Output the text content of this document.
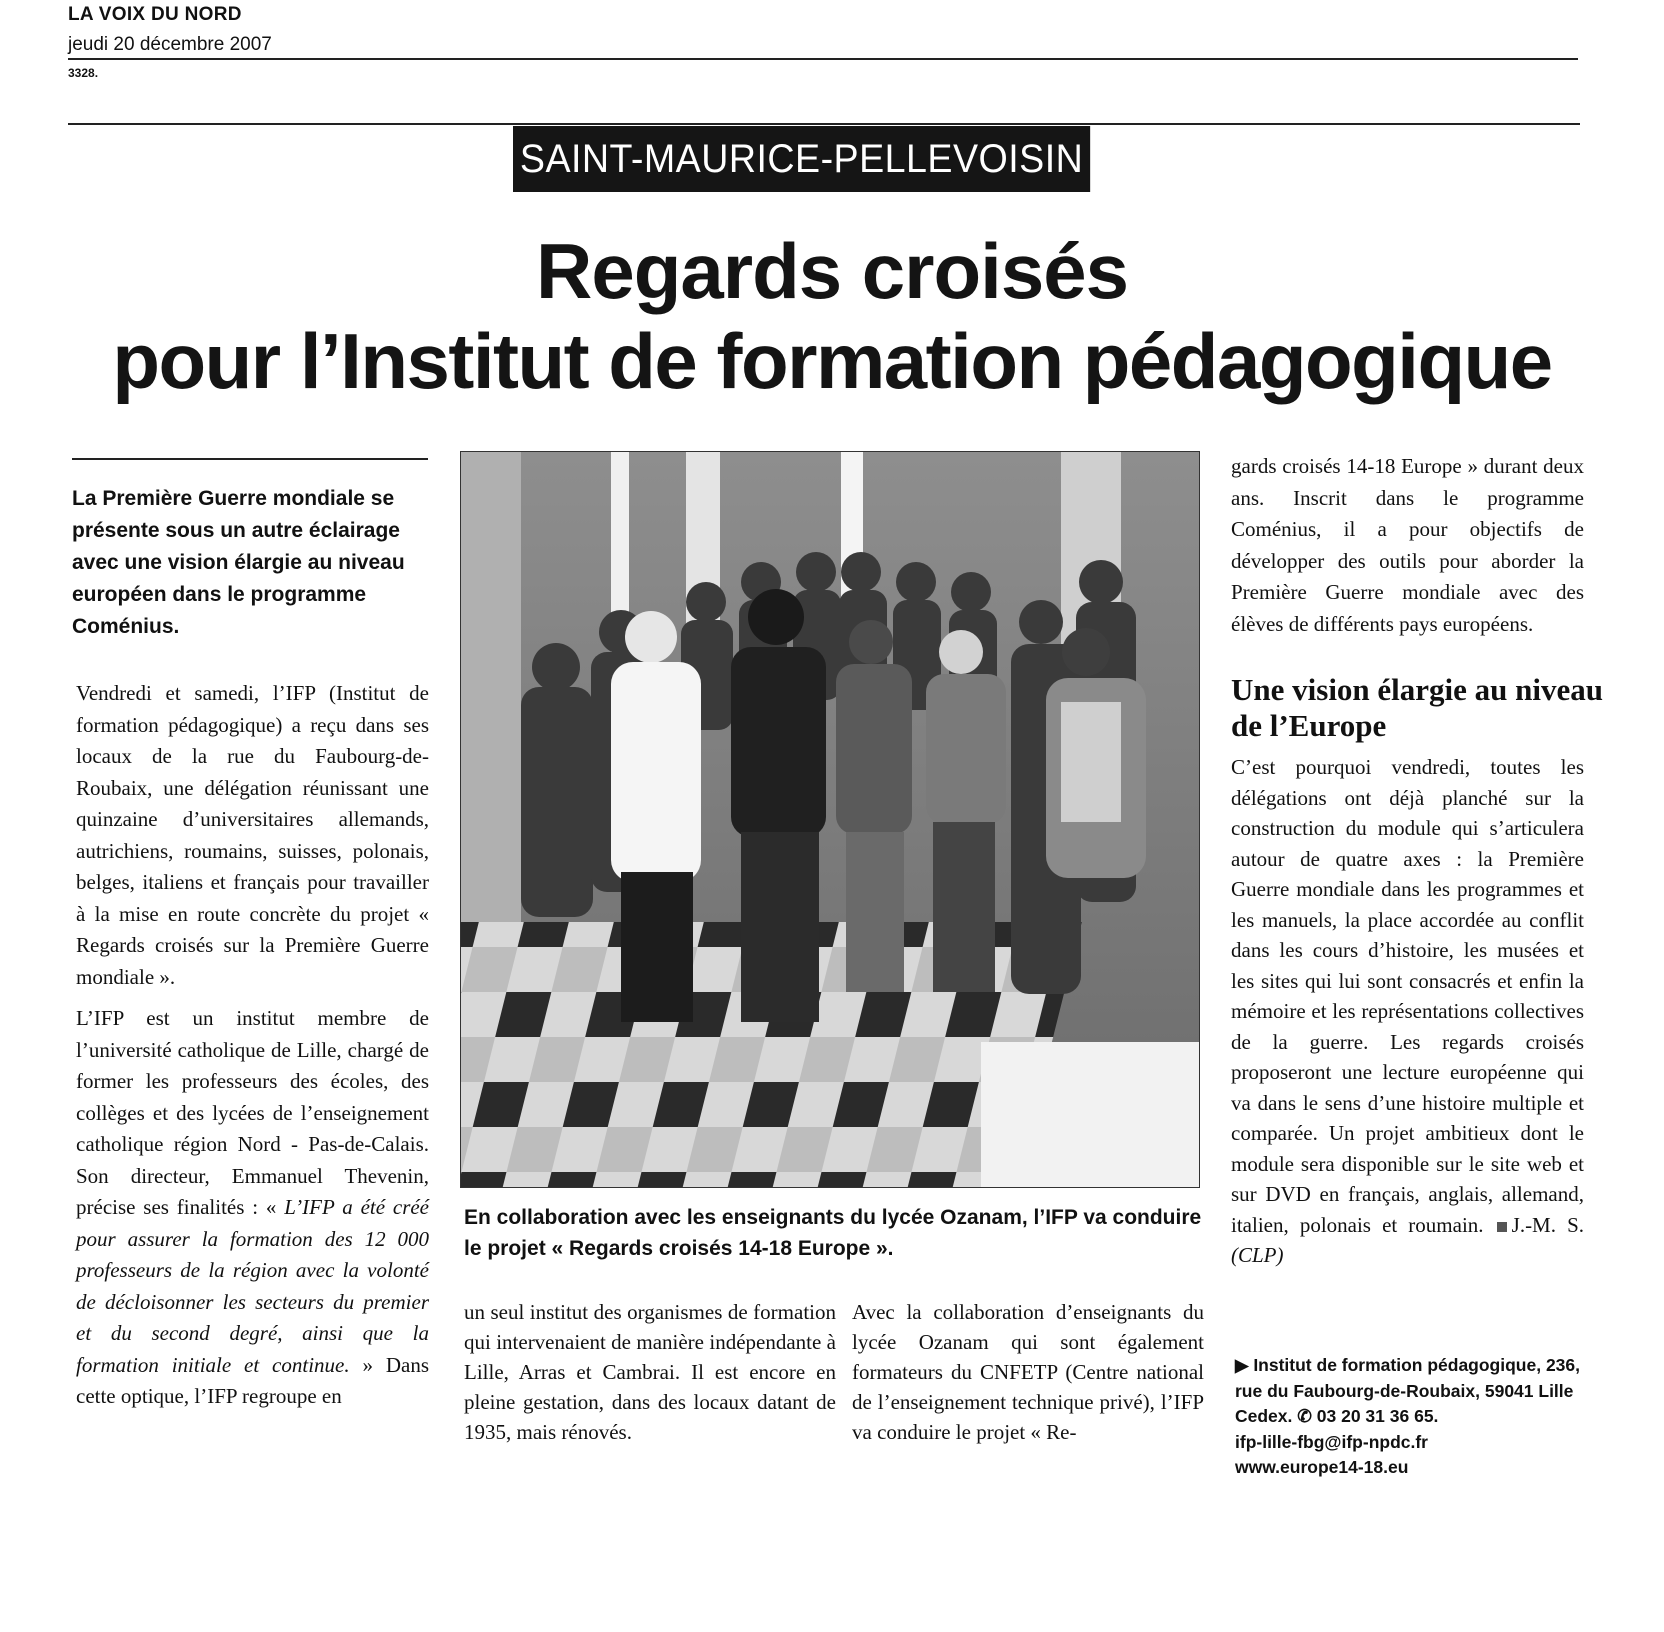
LA VOIX DU NORD
jeudi 20 décembre 2007
3328.
SAINT-MAURICE-PELLEVOISIN
Regards croisés
pour l’Institut de formation pédagogique
La Première Guerre mondiale se présente sous un autre éclairage avec une vision élargie au niveau européen dans le programme Coménius.

Vendredi et samedi, l’IFP (Institut de formation pédagogique) a reçu dans ses locaux de la rue du Faubourg-de-Roubaix, une délégation réunissant une quinzaine d’universitaires allemands, autrichiens, roumains, suisses, polonais, belges, italiens et français pour travailler à la mise en route concrète du projet « Regards croisés sur la Première Guerre mondiale ».

L’IFP est un institut membre de l’université catholique de Lille, chargé de former les professeurs des écoles, des collèges et des lycées de l’enseignement catholique région Nord - Pas-de-Calais. Son directeur, Emmanuel Thevenin, précise ses finalités : « L’IFP a été créé pour assurer la formation des 12 000 professeurs de la région avec la volonté de décloisonner les secteurs du premier et du second degré, ainsi que la formation initiale et continue. » Dans cette optique, l’IFP regroupe en

En collaboration avec les enseignants du lycée Ozanam, l’IFP va conduire le projet « Regards croisés 14-18 Europe ».
un seul institut des organismes de formation qui intervenaient de manière indépendante à Lille, Arras et Cambrai. Il est encore en pleine gestation, dans des locaux datant de 1935, mais rénovés.
Avec la collaboration d’enseignants du lycée Ozanam qui sont également formateurs du CNFETP (Centre national de l’enseignement technique privé), l’IFP va conduire le projet « Re-
gards croisés 14-18 Europe » durant deux ans. Inscrit dans le programme Coménius, il a pour objectifs de développer des outils pour aborder la Première Guerre mondiale avec des élèves de différents pays européens.
Une vision élargie au niveau de l’Europe
C’est pourquoi vendredi, toutes les délégations ont déjà planché sur la construction du module qui s’articulera autour de quatre axes : la Première Guerre mondiale dans les programmes et les manuels, la place accordée au conflit dans les cours d’histoire, les musées et les sites qui lui sont consacrés et enfin la mémoire et les représentations collectives de la guerre. Les regards croisés proposeront une lecture européenne qui va dans le sens d’une histoire multiple et comparée. Un projet ambitieux dont le module sera disponible sur le site web et sur DVD en français, anglais, allemand, italien, polonais et roumain. J.-M. S. (CLP)
▶ Institut de formation pédagogique, 236,
rue du Faubourg-de-Roubaix, 59041 Lille
Cedex. ✆ 03 20 31 36 65.
ifp-lille-fbg@ifp-npdc.fr
www.europe14-18.eu
